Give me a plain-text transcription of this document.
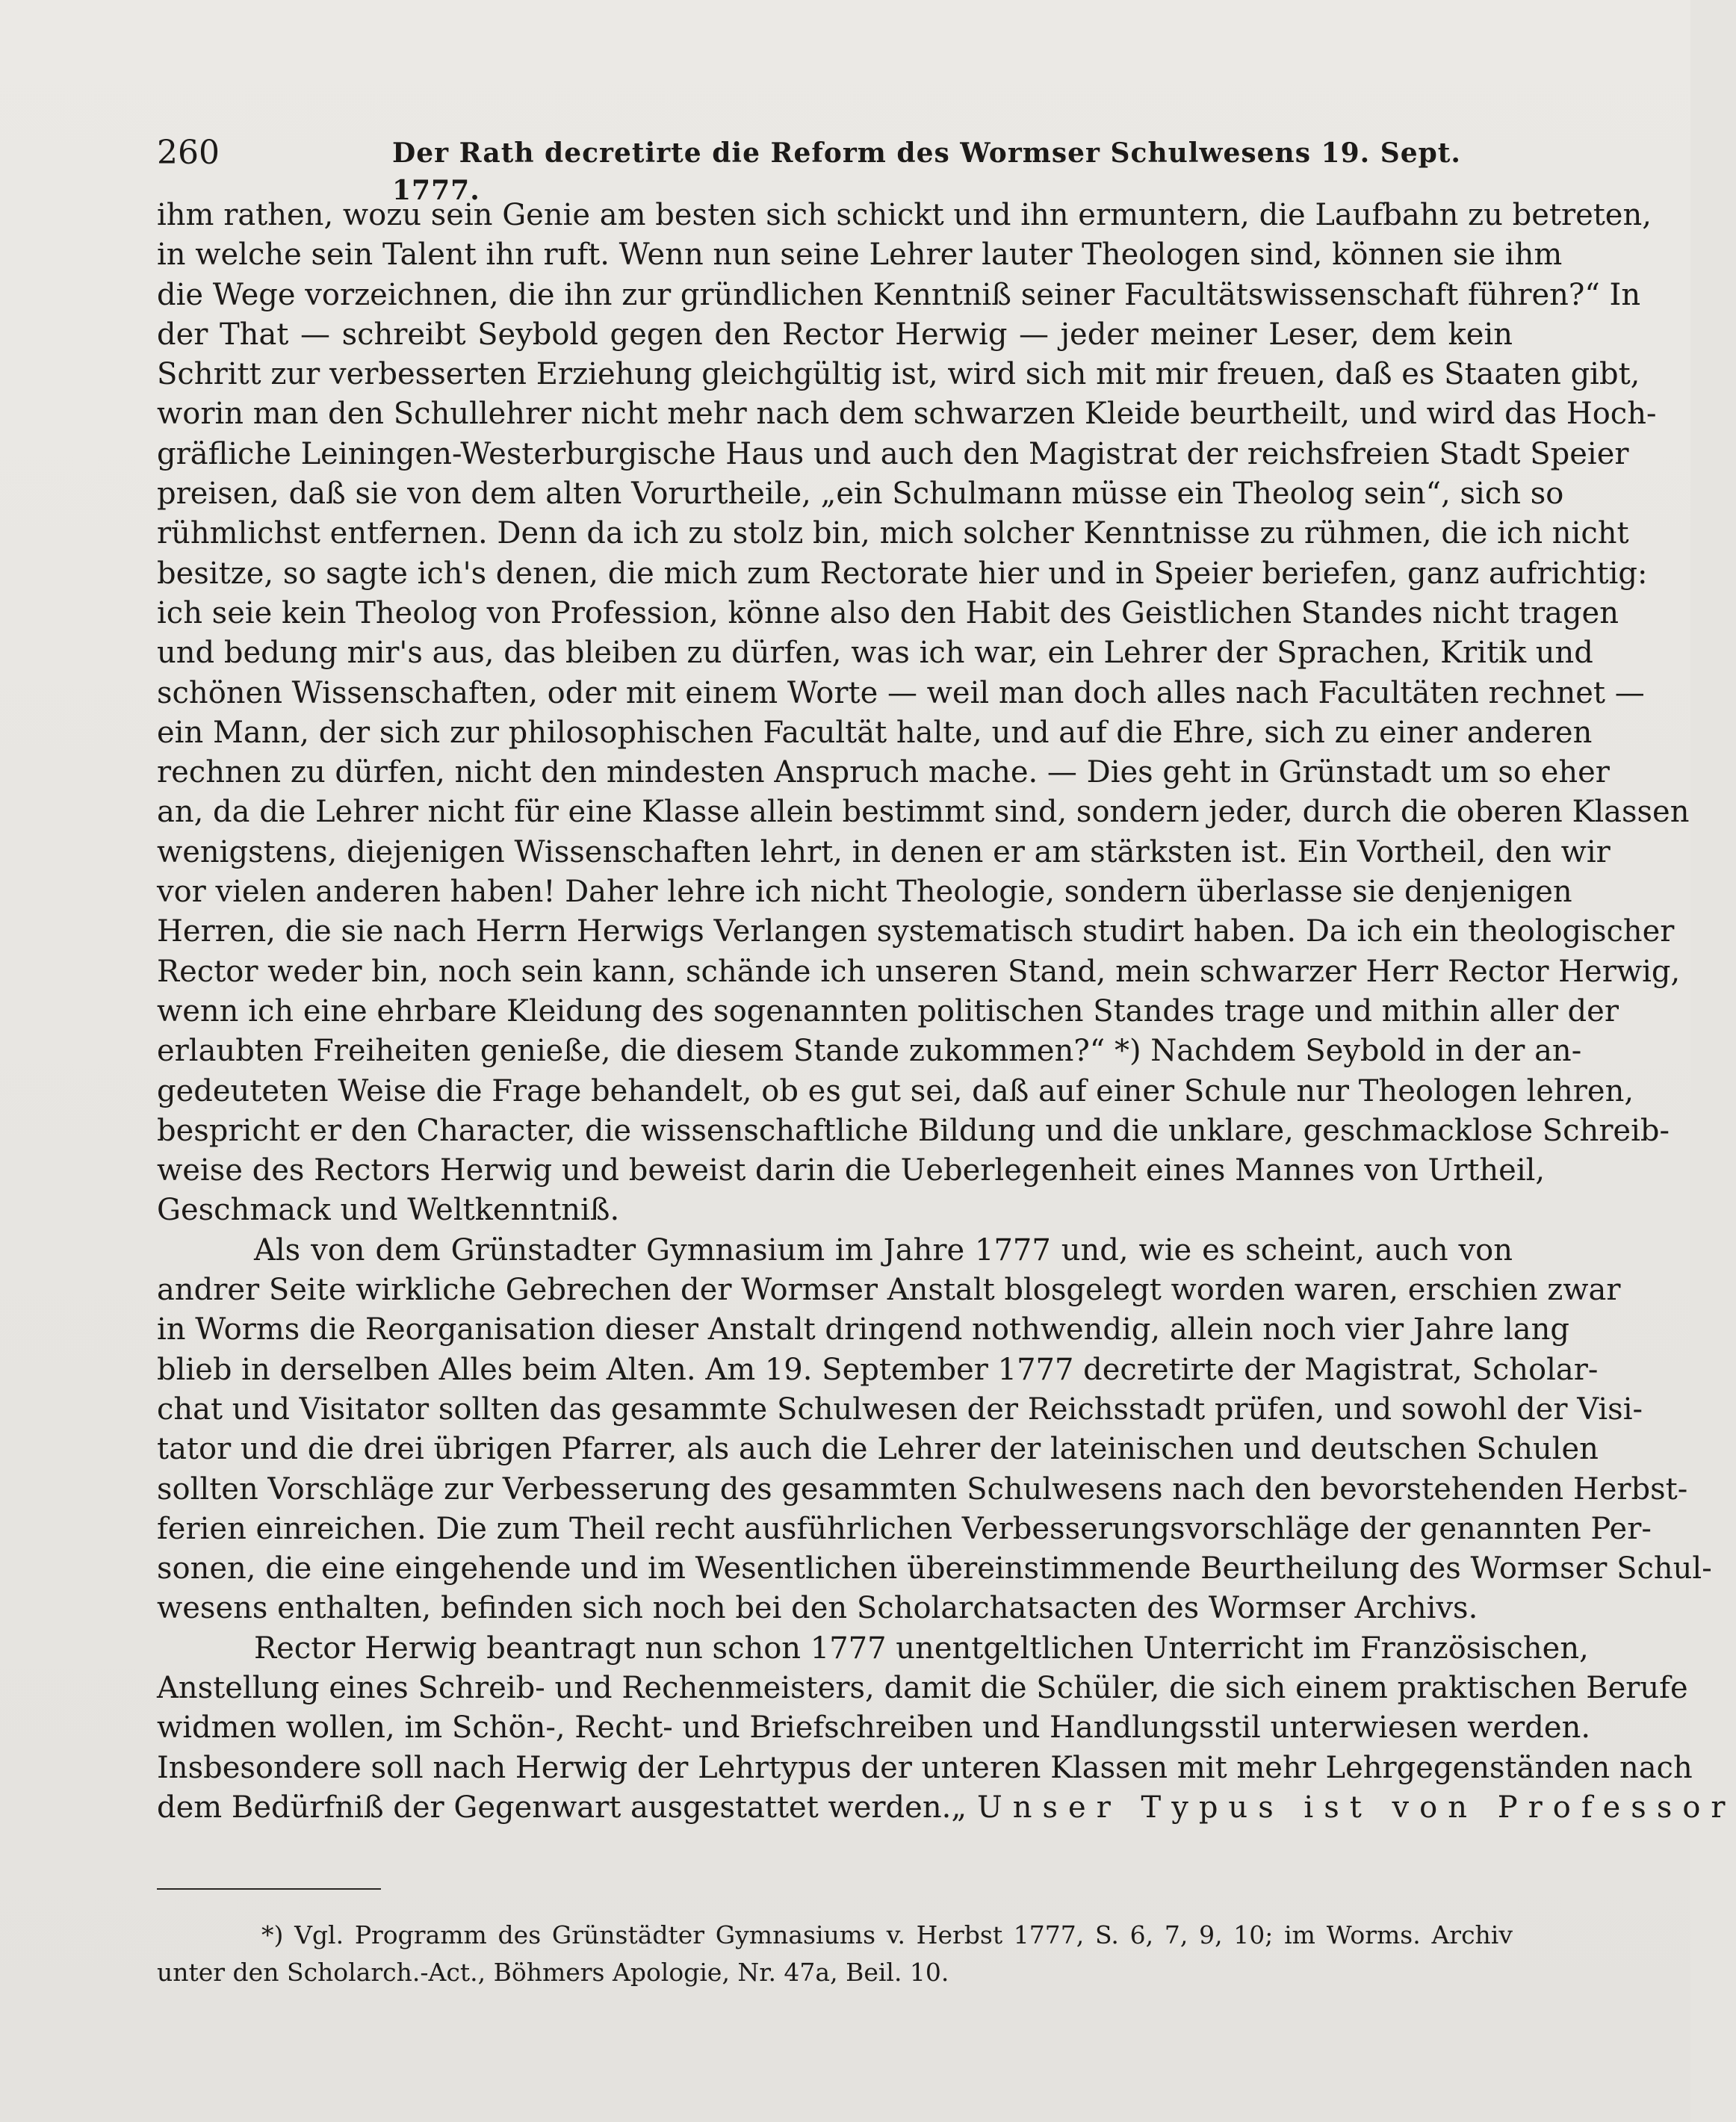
260	Der Rath decretirte die Reform des Wormser Schulwesens 19. Sept. 1777.
ihm rathen, wozu sein Genie am besten sich schickt und ihn ermuntern, die Laufbahn zu betreten,
in welche sein Talent ihn ruft. Wenn nun seine Lehrer lauter Theologen sind, können sie ihm
die Wege vorzeichnen, die ihn zur gründlichen Kenntniß seiner Facultätswissenschaft führen?“ In
der That — schreibt Seybold gegen den Rector Herwig — jeder meiner Leser, dem kein
Schritt zur verbesserten Erziehung gleichgültig ist, wird sich mit mir freuen, daß es Staaten gibt,
worin man den Schullehrer nicht mehr nach dem schwarzen Kleide beurtheilt, und wird das Hoch-
gräfliche Leiningen-Westerburgische Haus und auch den Magistrat der reichsfreien Stadt Speier
preisen, daß sie von dem alten Vorurtheile, „ein Schulmann müsse ein Theolog sein“, sich so
rühmlichst entfernen. Denn da ich zu stolz bin, mich solcher Kenntnisse zu rühmen, die ich nicht
besitze, so sagte ich's denen, die mich zum Rectorate hier und in Speier beriefen, ganz aufrichtig:
ich seie kein Theolog von Profession, könne also den Habit des Geistlichen Standes nicht tragen
und bedung mir's aus, das bleiben zu dürfen, was ich war, ein Lehrer der Sprachen, Kritik und
schönen Wissenschaften, oder mit einem Worte — weil man doch alles nach Facultäten rechnet —
ein Mann, der sich zur philosophischen Facultät halte, und auf die Ehre, sich zu einer anderen
rechnen zu dürfen, nicht den mindesten Anspruch mache. — Dies geht in Grünstadt um so eher
an, da die Lehrer nicht für eine Klasse allein bestimmt sind, sondern jeder, durch die oberen Klassen
wenigstens, diejenigen Wissenschaften lehrt, in denen er am stärksten ist. Ein Vortheil, den wir
vor vielen anderen haben! Daher lehre ich nicht Theologie, sondern überlasse sie denjenigen
Herren, die sie nach Herrn Herwigs Verlangen systematisch studirt haben. Da ich ein theologischer
Rector weder bin, noch sein kann, schände ich unseren Stand, mein schwarzer Herr Rector Herwig,
wenn ich eine ehrbare Kleidung des sogenannten politischen Standes trage und mithin aller der
erlaubten Freiheiten genieße, die diesem Stande zukommen?“ *) Nachdem Seybold in der an-
gedeuteten Weise die Frage behandelt, ob es gut sei, daß auf einer Schule nur Theologen lehren,
bespricht er den Character, die wissenschaftliche Bildung und die unklare, geschmacklose Schreib-
weise des Rectors Herwig und beweist darin die Ueberlegenheit eines Mannes von Urtheil,
Geschmack und Weltkenntniß.
Als von dem Grünstadter Gymnasium im Jahre 1777 und, wie es scheint, auch von
andrer Seite wirkliche Gebrechen der Wormser Anstalt blosgelegt worden waren, erschien zwar
in Worms die Reorganisation dieser Anstalt dringend nothwendig, allein noch vier Jahre lang
blieb in derselben Alles beim Alten. Am 19. September 1777 decretirte der Magistrat, Scholar-
chat und Visitator sollten das gesammte Schulwesen der Reichsstadt prüfen, und sowohl der Visi-
tator und die drei übrigen Pfarrer, als auch die Lehrer der lateinischen und deutschen Schulen
sollten Vorschläge zur Verbesserung des gesammten Schulwesens nach den bevorstehenden Herbst-
ferien einreichen. Die zum Theil recht ausführlichen Verbesserungsvorschläge der genannten Per-
sonen, die eine eingehende und im Wesentlichen übereinstimmende Beurtheilung des Wormser Schul-
wesens enthalten, befinden sich noch bei den Scholarchatsacten des Wormser Archivs.
Rector Herwig beantragt nun schon 1777 unentgeltlichen Unterricht im Französischen,
Anstellung eines Schreib- und Rechenmeisters, damit die Schüler, die sich einem praktischen Berufe
widmen wollen, im Schön-, Recht- und Briefschreiben und Handlungsstil unterwiesen werden.
Insbesondere soll nach Herwig der Lehrtypus der unteren Klassen mit mehr Lehrgegenständen nach
dem Bedürfniß der Gegenwart ausgestattet werden. „Unser Typus ist von Professor
*) Vgl. Programm des Grünstädter Gymnasiums v. Herbst 1777, S. 6, 7, 9, 10; im Worms. Archiv
unter den Scholarch.-Act., Böhmers Apologie, Nr. 47a, Beil. 10.
